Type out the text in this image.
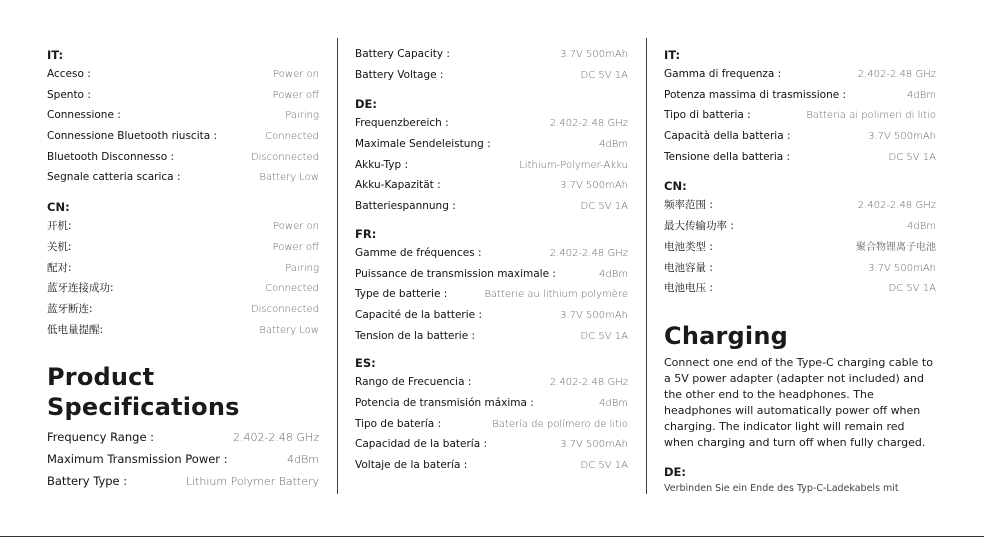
IT:
Acceso :	Power on
Spento :	Power off
Connessione :	Pairing
Connessione Bluetooth riuscita :	Connected
Bluetooth Disconnesso :	Disconnected
Segnale catteria scarica :	Battery Low
CN:
开机:	Power on
关机:	Power off
配对:	Pairing
蓝牙连接成功:	Connected
蓝牙断连:	Disconnected
低电量提醒:	Battery Low
Product
Specifications
Frequency Range :	2.402-2.48 GHz
Maximum Transmission Power :	4dBm
Battery Type :	Lithium Polymer Battery
Battery Capacity :	3.7V 500mAh
Battery Voltage :	DC 5V 1A
DE:
Frequenzbereich :	2.402-2.48 GHz
Maximale Sendeleistung :	4dBm
Akku-Typ :	Lithium-Polymer-Akku
Akku-Kapazität :	3.7V 500mAh
Batteriespannung :	DC 5V 1A
FR:
Gamme de fréquences :	2.402-2.48 GHz
Puissance de transmission maximale :	4dBm
Type de batterie :	Batterie au lithium polymère
Capacité de la batterie :	3.7V 500mAh
Tension de la batterie :	DC 5V 1A
ES:
Rango de Frecuencia :	2.402-2.48 GHz
Potencia de transmisión máxima :	4dBm
Tipo de batería :	Batería de polímero de litio
Capacidad de la batería :	3.7V 500mAh
Voltaje de la batería :	DC 5V 1A
IT:
Gamma di frequenza :	2.402-2.48 GHz
Potenza massima di trasmissione :	4dBm
Tipo di batteria :	Batteria ai polimeri di litio
Capacità della batteria :	3.7V 500mAh
Tensione della batteria :	DC 5V 1A
CN:
频率范围 :	2.402-2.48 GHz
最大传输功率 :	4dBm
电池类型 :	聚合物锂离子电池
电池容量 :	3.7V 500mAh
电池电压 :	DC 5V 1A
Charging
Connect one end of the Type-C charging cable to a 5V power adapter (adapter not included) and the other end to the headphones. The headphones will automatically power off when charging. The indicator light will remain red when charging and turn off when fully charged.
DE:
Verbinden Sie ein Ende des Typ-C-Ladekabels mit
